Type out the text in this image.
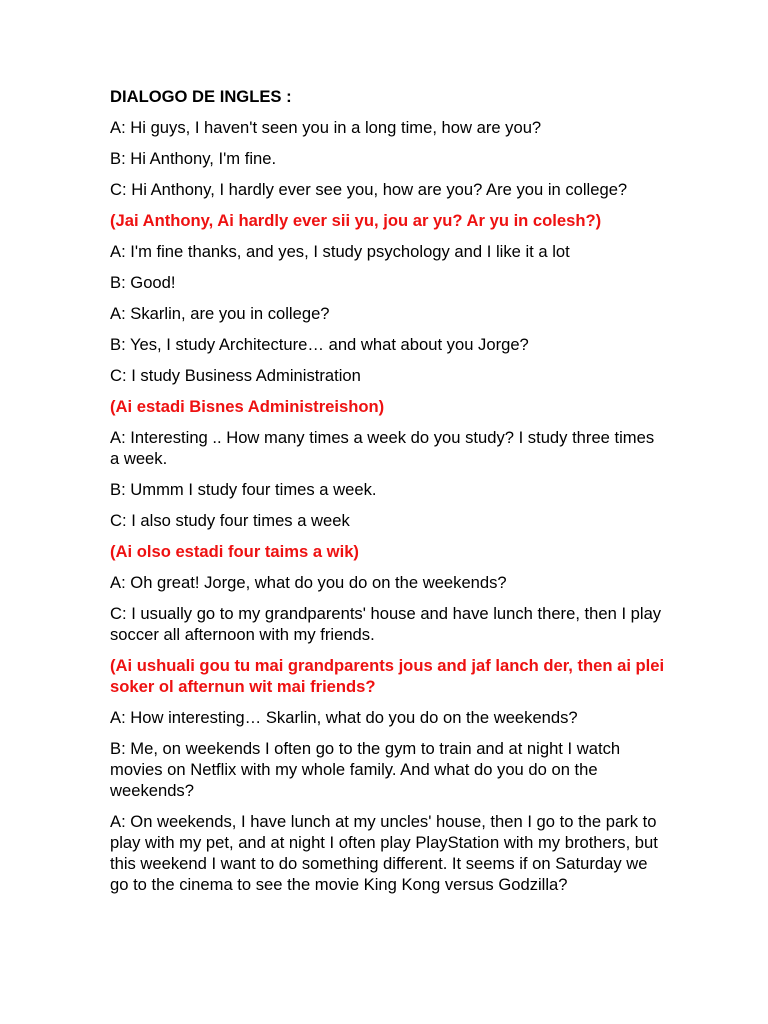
DIALOGO DE INGLES :

A: Hi guys, I haven't seen you in a long time, how are you?

B: Hi Anthony, I'm fine.

C: Hi Anthony, I hardly ever see you, how are you? Are you in college?

(Jai Anthony, Ai hardly ever sii yu, jou ar yu? Ar yu in colesh?)

A: I'm fine thanks, and yes, I study psychology and I like it a lot

B: Good!

A: Skarlin, are you in college?

B: Yes, I study Architecture… and what about you Jorge?

C: I study Business Administration

(Ai estadi Bisnes Administreishon)

A: Interesting .. How many times a week do you study? I study three times a week.

B: Ummm I study four times a week.

C: I also study four times a week

(Ai olso estadi four taims a wik)

A: Oh great! Jorge, what do you do on the weekends?

C: I usually go to my grandparents' house and have lunch there, then I play soccer all afternoon with my friends.

(Ai ushuali gou tu mai grandparents jous and jaf lanch der, then ai plei soker ol afternun wit mai friends?

A: How interesting… Skarlin, what do you do on the weekends?

B: Me, on weekends I often go to the gym to train and at night I watch movies on Netflix with my whole family. And what do you do on the weekends?

A: On weekends, I have lunch at my uncles' house, then I go to the park to play with my pet, and at night I often play PlayStation with my brothers, but this weekend I want to do something different. It seems if on Saturday we go to the cinema to see the movie King Kong versus Godzilla?
